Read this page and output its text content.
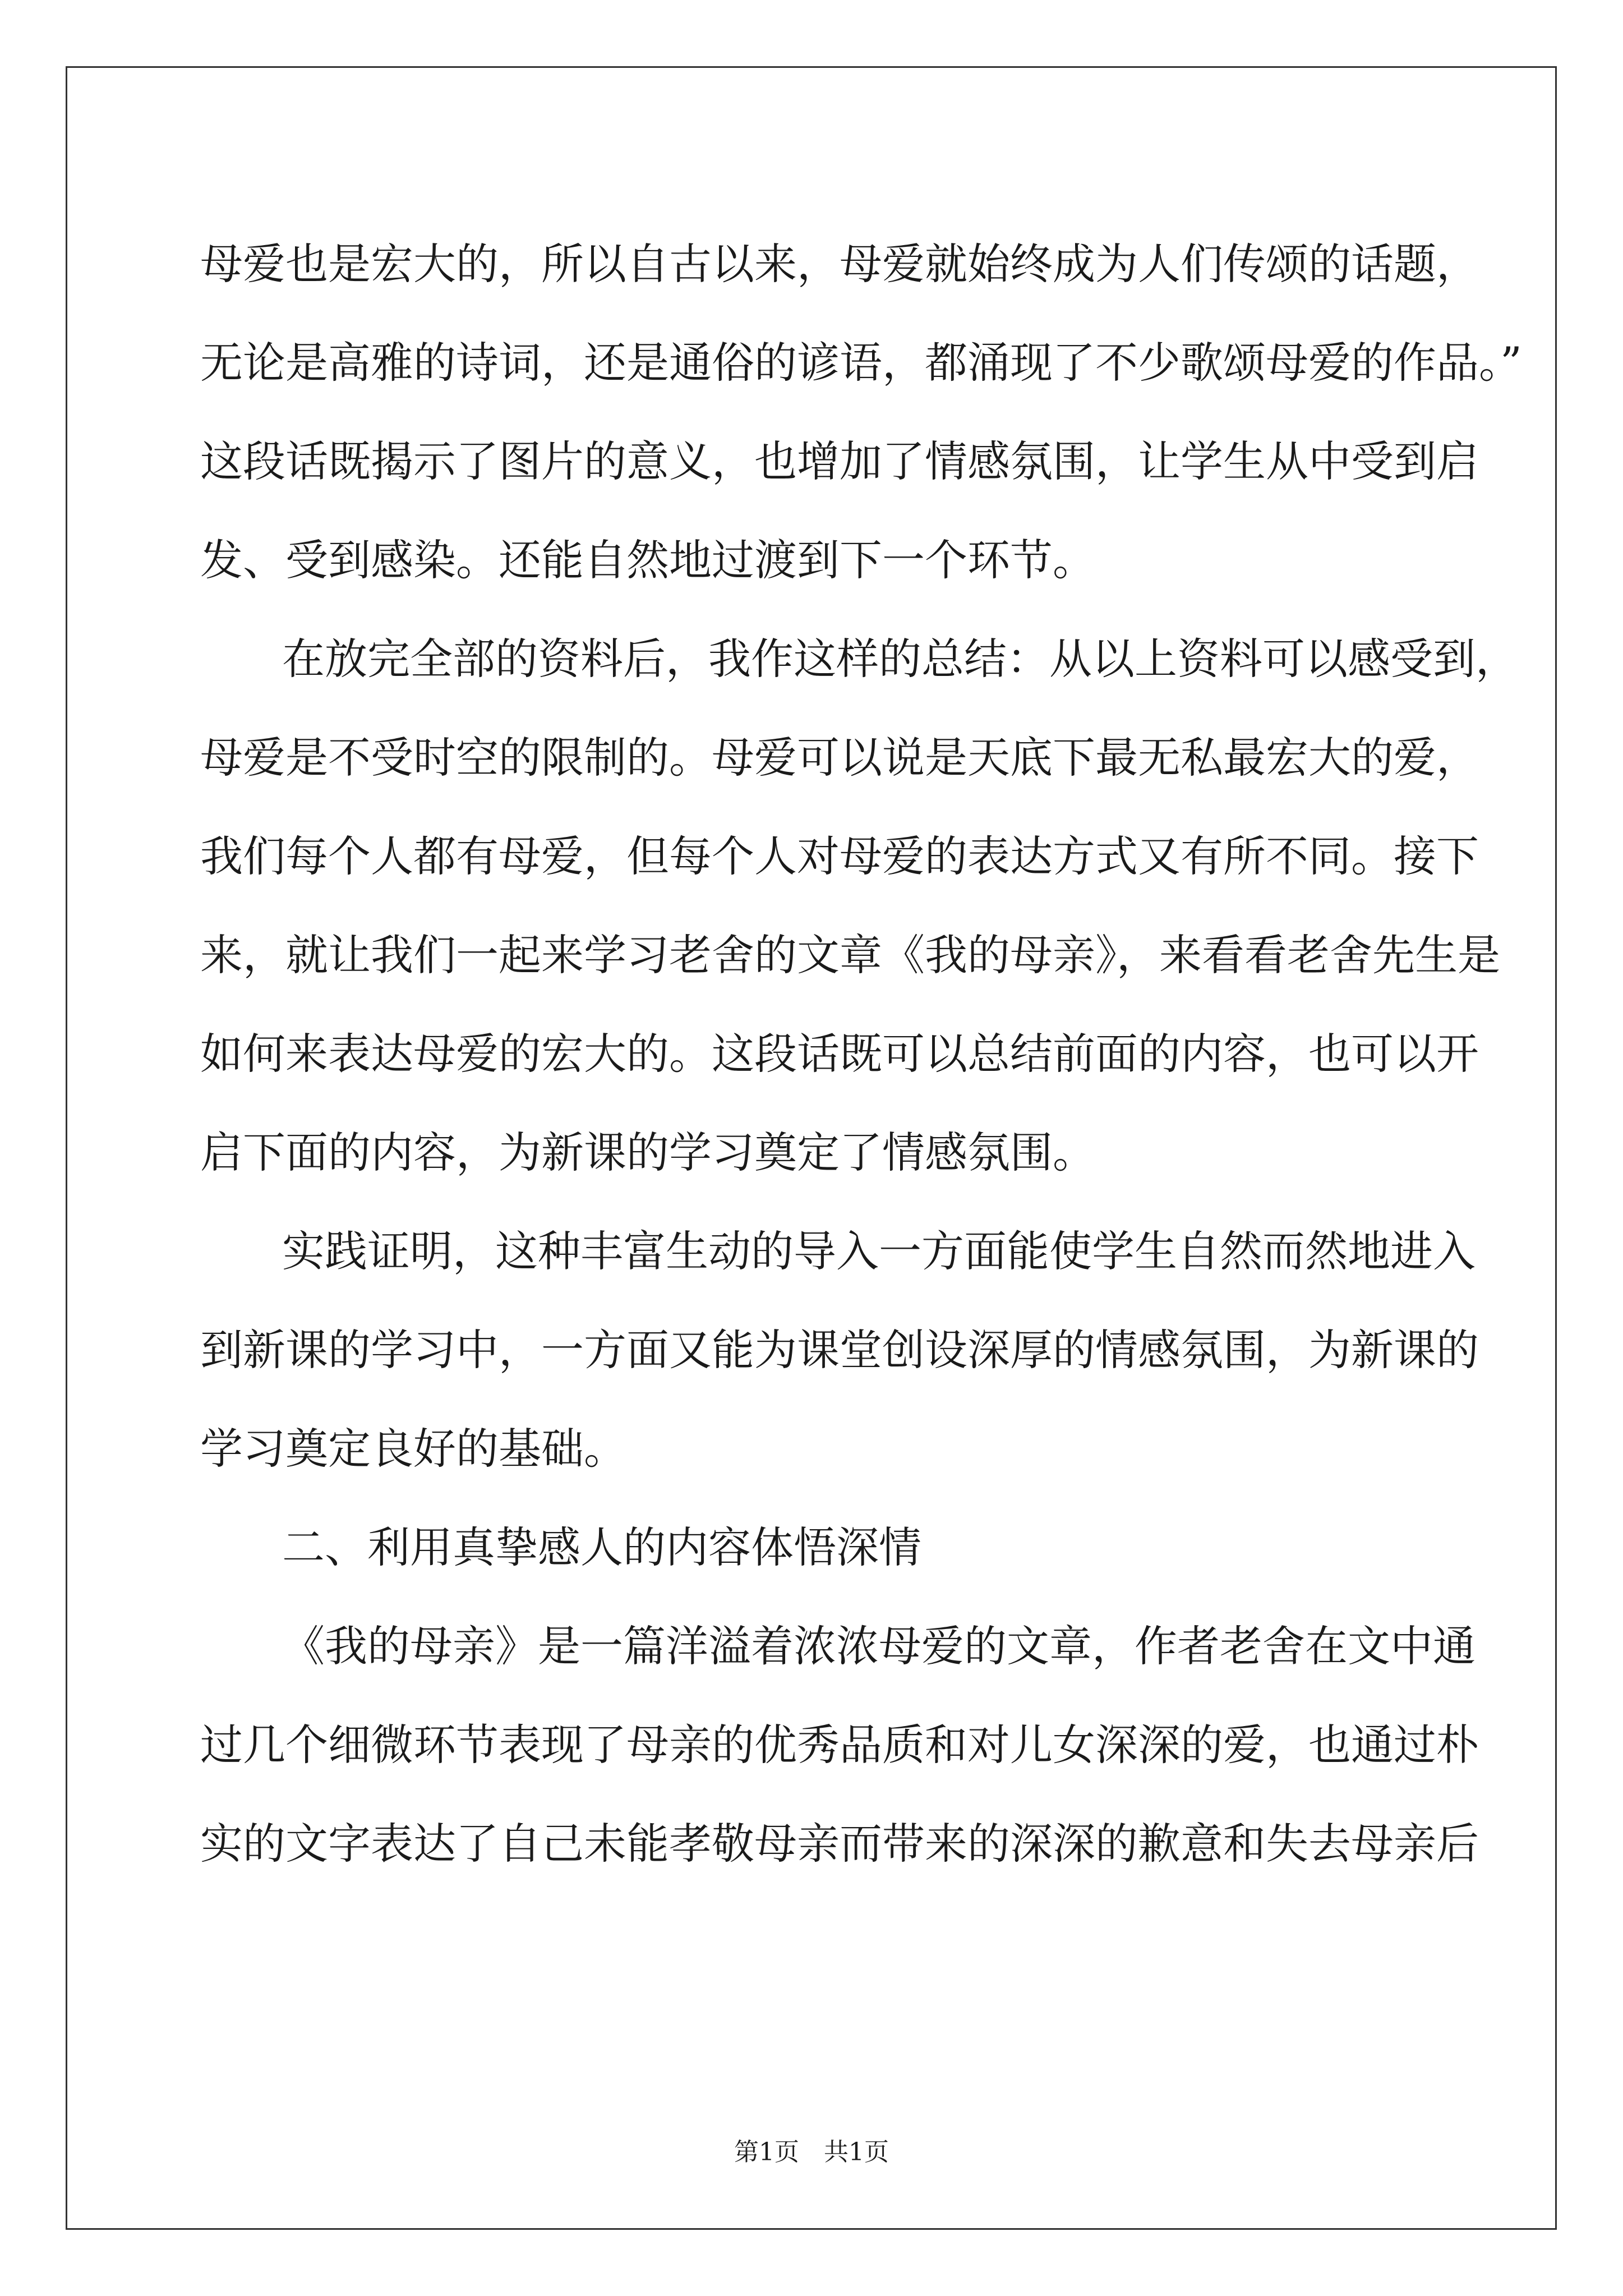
母爱也是宏大的，所以自古以来，母爱就始终成为人们传颂的话题，
无论是高雅的诗词，还是通俗的谚语，都涌现了不少歌颂母爱的作品。”
这段话既揭示了图片的意义，也增加了情感氛围，让学生从中受到启
发、受到感染。还能自然地过渡到下一个环节。
在放完全部的资料后，我作这样的总结：从以上资料可以感受到，
母爱是不受时空的限制的。母爱可以说是天底下最无私最宏大的爱，
我们每个人都有母爱，但每个人对母爱的表达方式又有所不同。接下
来，就让我们一起来学习老舍的文章《我的母亲》，来看看老舍先生是
如何来表达母爱的宏大的。这段话既可以总结前面的内容，也可以开
启下面的内容，为新课的学习奠定了情感氛围。
实践证明，这种丰富生动的导入一方面能使学生自然而然地进入
到新课的学习中，一方面又能为课堂创设深厚的情感氛围，为新课的
学习奠定良好的基础。
二、利用真挚感人的内容体悟深情
《我的母亲》是一篇洋溢着浓浓母爱的文章，作者老舍在文中通
过几个细微环节表现了母亲的优秀品质和对儿女深深的爱，也通过朴
实的文字表达了自己未能孝敬母亲而带来的深深的歉意和失去母亲后
第1页　共1页
